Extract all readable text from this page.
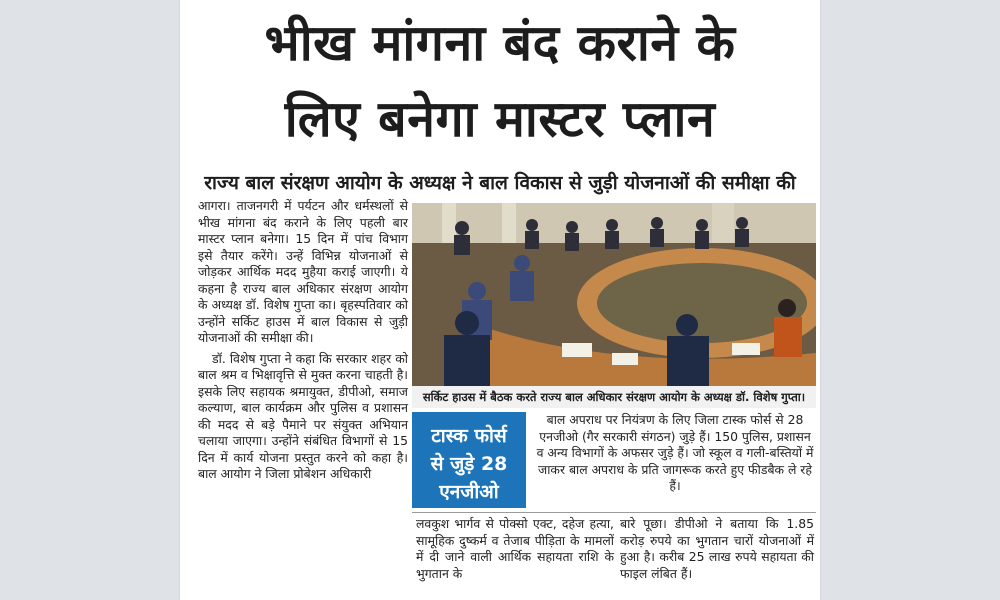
भीख मांगना बंद कराने के
लिए बनेगा मास्टर प्लान
राज्य बाल संरक्षण आयोग के अध्यक्ष ने बाल विकास से जुड़ी योजनाओं की समीक्षा की

आगरा। ताजनगरी में पर्यटन और धर्मस्थलों से भीख मांगना बंद कराने के लिए पहली बार मास्टर प्लान बनेगा। 15 दिन में पांच विभाग इसे तैयार करेंगे। उन्हें विभिन्न योजनाओं से जोड़कर आर्थिक मदद मुहैया कराई जाएगी। ये कहना है राज्य बाल अधिकार संरक्षण आयोग के अध्यक्ष डॉ. विशेष गुप्ता का। बृहस्पतिवार को उन्होंने सर्किट हाउस में बाल विकास से जुड़ी योजनाओं की समीक्षा की।

डॉ. विशेष गुप्ता ने कहा कि सरकार शहर को बाल श्रम व भिक्षावृत्ति से मुक्त करना चाहती है। इसके लिए सहायक श्रमायुक्त, डीपीओ, समाज कल्याण, बाल कार्यक्रम और पुलिस व प्रशासन की मदद से बड़े पैमाने पर संयुक्त अभियान चलाया जाएगा। उन्होंने संबंधित विभागों से 15 दिन में कार्य योजना प्रस्तुत करने को कहा है। बाल आयोग ने जिला प्रोबेशन अधिकारी

सर्किट हाउस में बैठक करते राज्य बाल अधिकार संरक्षण आयोग के अध्यक्ष डॉ. विशेष गुप्ता।
टास्क फोर्स
से जुड़े 28
एनजीओ
बाल अपराध पर नियंत्रण के लिए जिला टास्क फोर्स से 28 एनजीओ (गैर सरकारी संगठन) जुड़े हैं। 150 पुलिस, प्रशासन व अन्य विभागों के अफसर जुड़े हैं। जो स्कूल व गली-बस्तियों में जाकर बाल अपराध के प्रति जागरूक करते हुए फीडबैक ले रहे हैं।
लवकुश भार्गव से पोक्सो एक्ट, दहेज हत्या, सामूहिक दुष्कर्म व तेजाब पीड़िता के मामलों में दी जाने वाली आर्थिक सहायता राशि के भुगतान के
बारे पूछा। डीपीओ ने बताया कि 1.85 करोड़ रुपये का भुगतान चारों योजनाओं में हुआ है। करीब 25 लाख रुपये सहायता की फाइल लंबित हैं।
